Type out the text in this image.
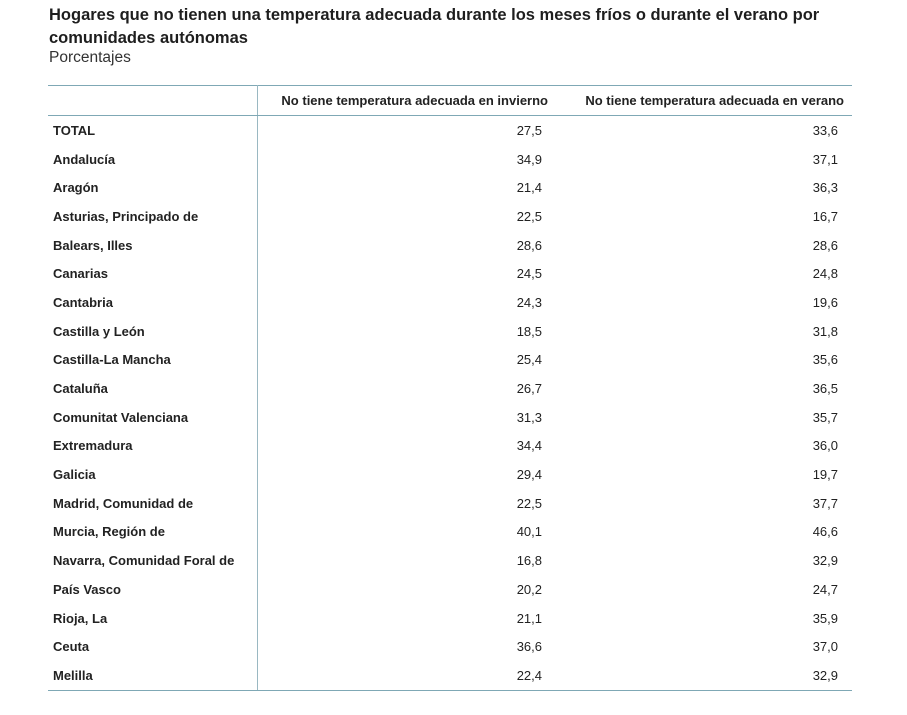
Hogares que no tienen una temperatura adecuada durante los meses fríos o durante el verano por comunidades autónomas
Porcentajes
	No tiene temperatura adecuada en invierno	No tiene temperatura adecuada en verano
TOTAL	27,5	33,6
Andalucía	34,9	37,1
Aragón	21,4	36,3
Asturias, Principado de	22,5	16,7
Balears, Illes	28,6	28,6
Canarias	24,5	24,8
Cantabria	24,3	19,6
Castilla y León	18,5	31,8
Castilla-La Mancha	25,4	35,6
Cataluña	26,7	36,5
Comunitat Valenciana	31,3	35,7
Extremadura	34,4	36,0
Galicia	29,4	19,7
Madrid, Comunidad de	22,5	37,7
Murcia, Región de	40,1	46,6
Navarra, Comunidad Foral de	16,8	32,9
País Vasco	20,2	24,7
Rioja, La	21,1	35,9
Ceuta	36,6	37,0
Melilla	22,4	32,9
